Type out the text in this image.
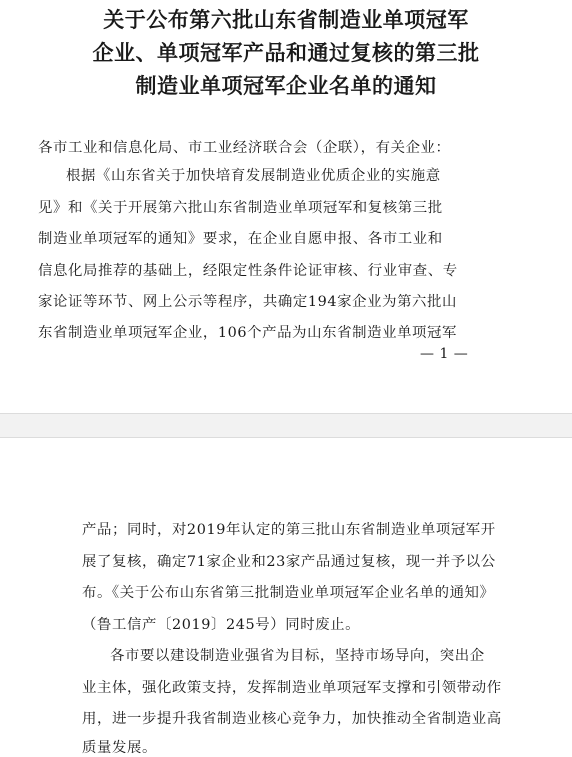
关于公布第六批山东省制造业单项冠军
企业、单项冠军产品和通过复核的第三批
制造业单项冠军企业名单的通知
各市工业和信息化局、市工业经济联合会（企联），有关企业：
根据《山东省关于加快培育发展制造业优质企业的实施意
见》和《关于开展第六批山东省制造业单项冠军和复核第三批
制造业单项冠军的通知》要求，在企业自愿申报、各市工业和
信息化局推荐的基础上，经限定性条件论证审核、行业审查、专
家论证等环节、网上公示等程序，共确定194家企业为第六批山
东省制造业单项冠军企业，106个产品为山东省制造业单项冠军
— 1 —
产品；同时，对2019年认定的第三批山东省制造业单项冠军开
展了复核，确定71家企业和23家产品通过复核，现一并予以公
布。《关于公布山东省第三批制造业单项冠军企业名单的通知》
（鲁工信产〔2019〕245号）同时废止。
各市要以建设制造业强省为目标，坚持市场导向，突出企
业主体，强化政策支持，发挥制造业单项冠军支撑和引领带动作
用，进一步提升我省制造业核心竞争力，加快推动全省制造业高
质量发展。
